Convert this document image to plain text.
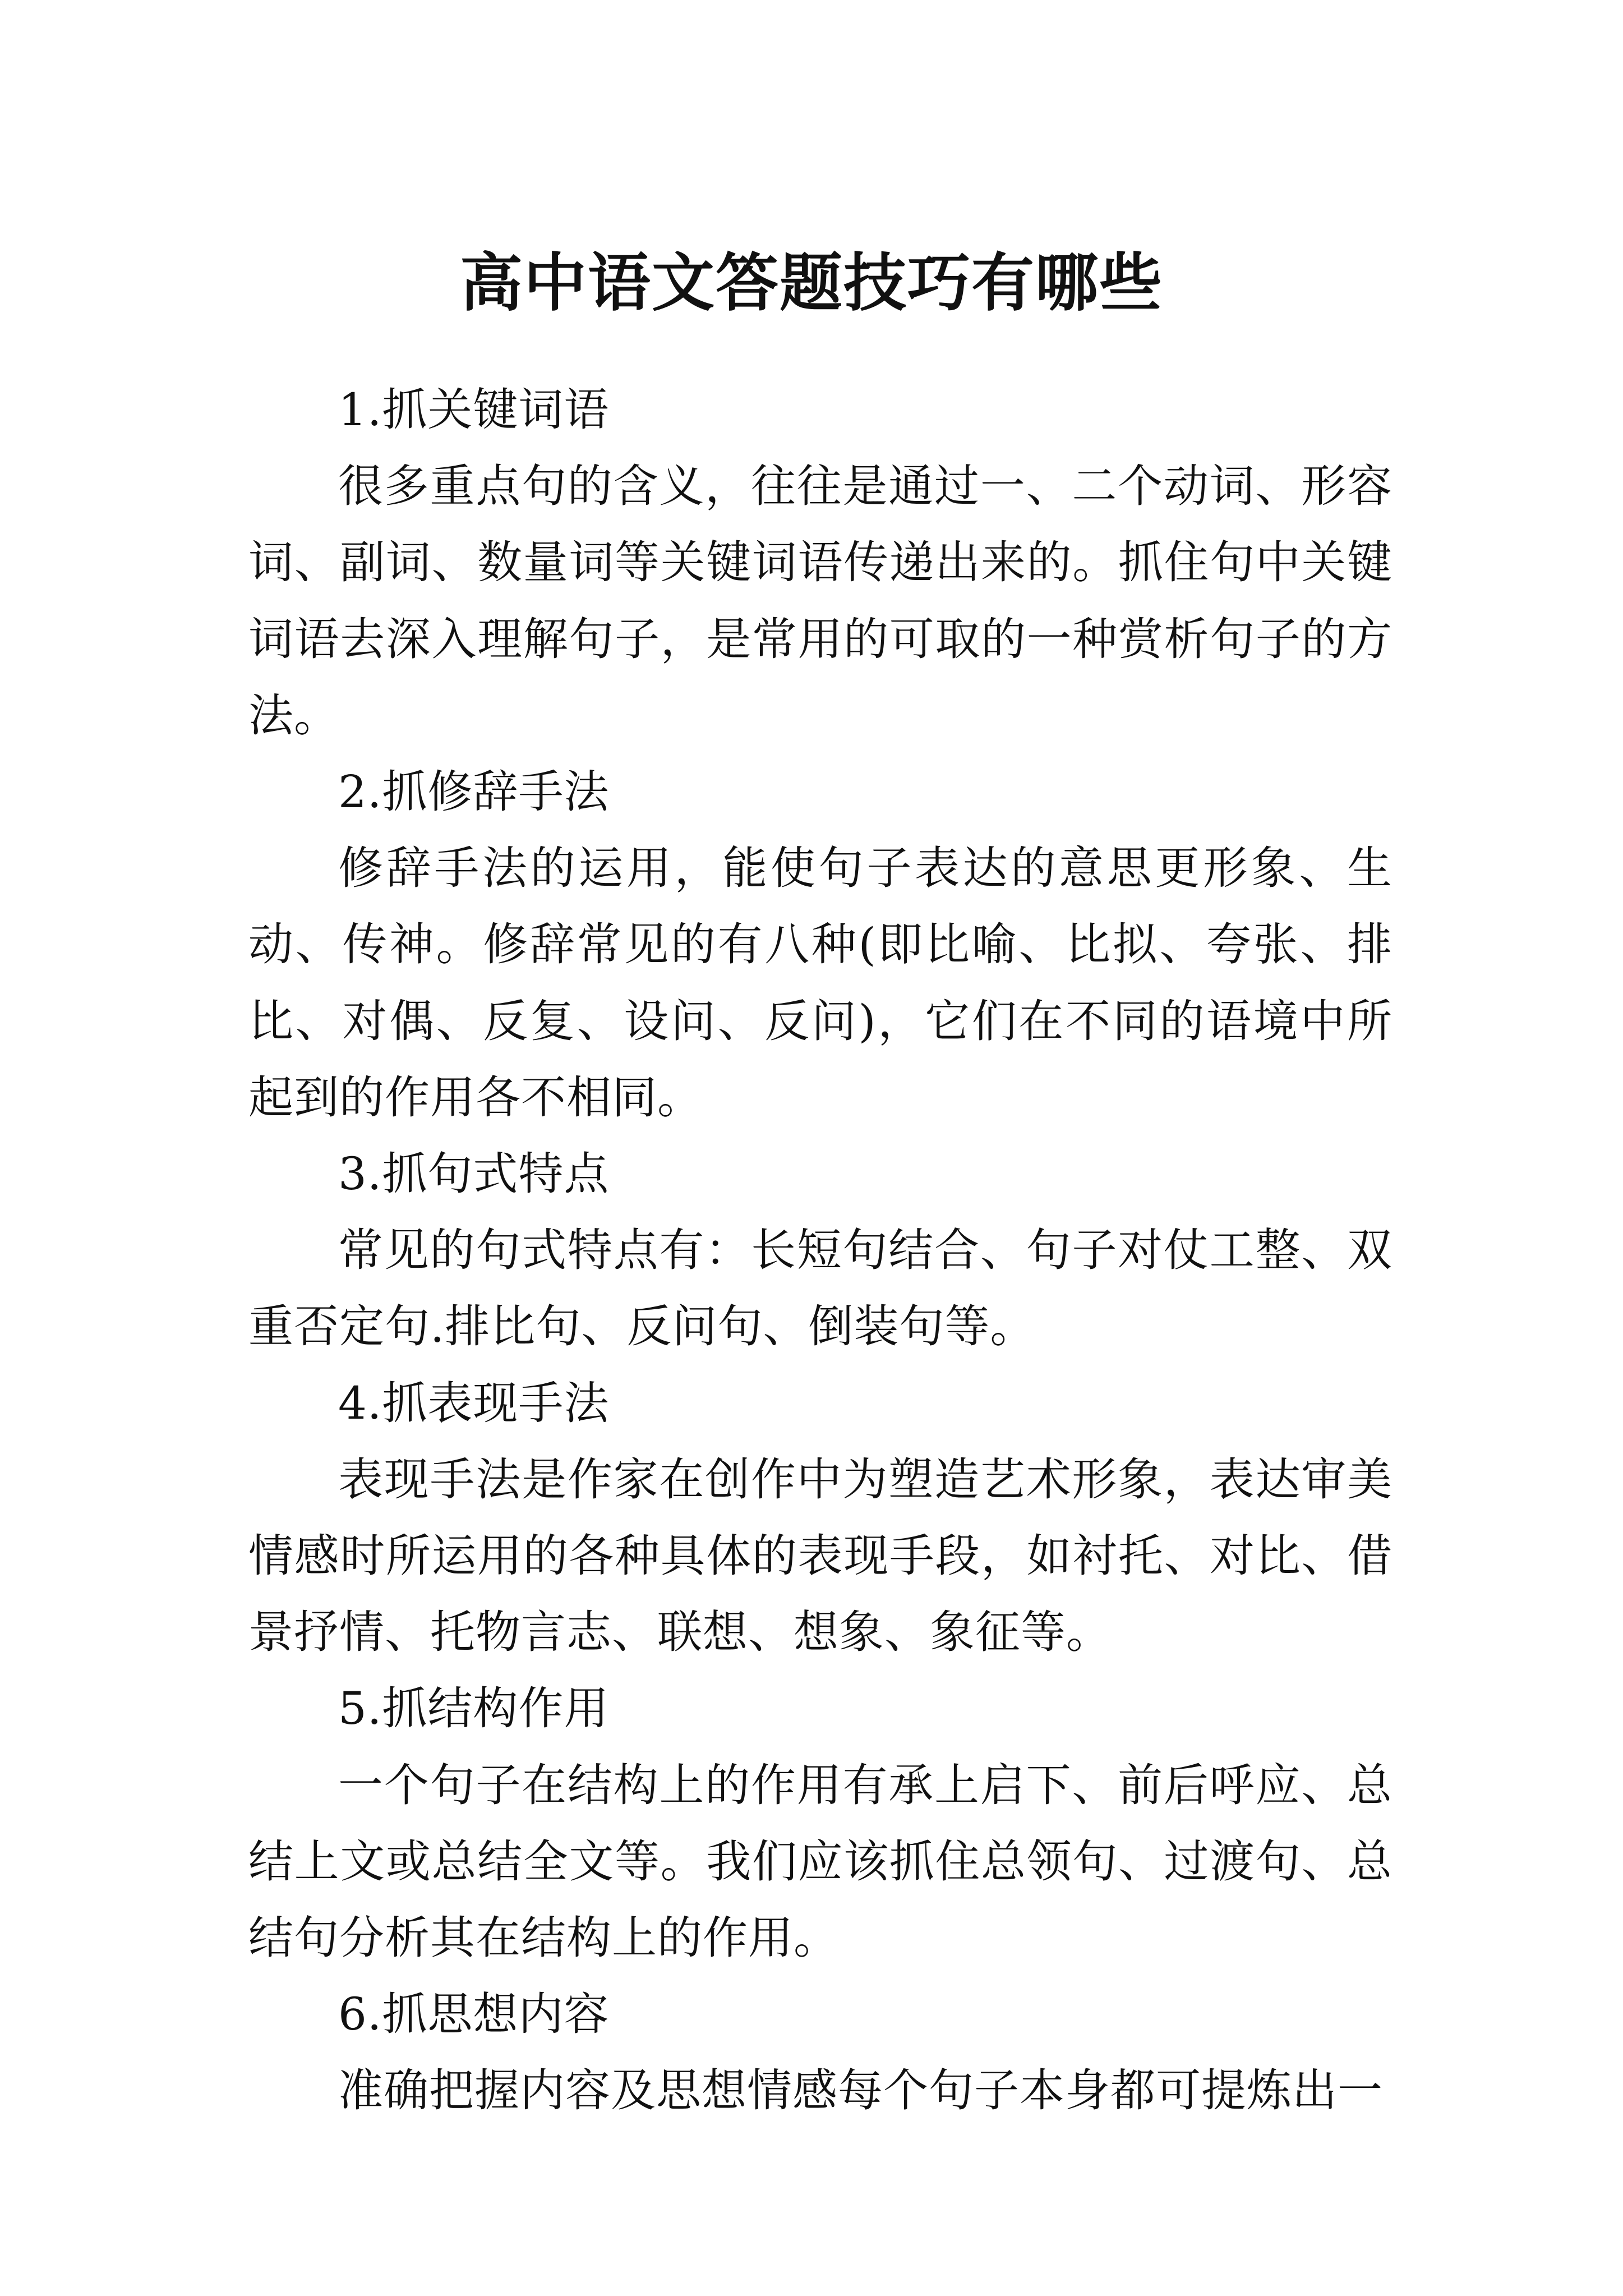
高中语文答题技巧有哪些

1.抓关键词语

很多重点句的含义，往往是通过一、二个动词、形容词、副词、数量词等关键词语传递出来的。抓住句中关键词语去深入理解句子，是常用的可取的一种赏析句子的方法。

2.抓修辞手法

修辞手法的运用，能使句子表达的意思更形象、生动、传神。修辞常见的有八种(即比喻、比拟、夸张、排比、对偶、反复、设问、反问)，它们在不同的语境中所起到的作用各不相同。

3.抓句式特点

常见的句式特点有：长短句结合、句子对仗工整、双重否定句.排比句、反问句、倒装句等。

4.抓表现手法

表现手法是作家在创作中为塑造艺术形象，表达审美情感时所运用的各种具体的表现手段，如衬托、对比、借景抒情、托物言志、联想、想象、象征等。

5.抓结构作用

一个句子在结构上的作用有承上启下、前后呼应、总结上文或总结全文等。我们应该抓住总领句、过渡句、总结句分析其在结构上的作用。

6.抓思想内容

准确把握内容及思想情感每个句子本身都可提炼出一
